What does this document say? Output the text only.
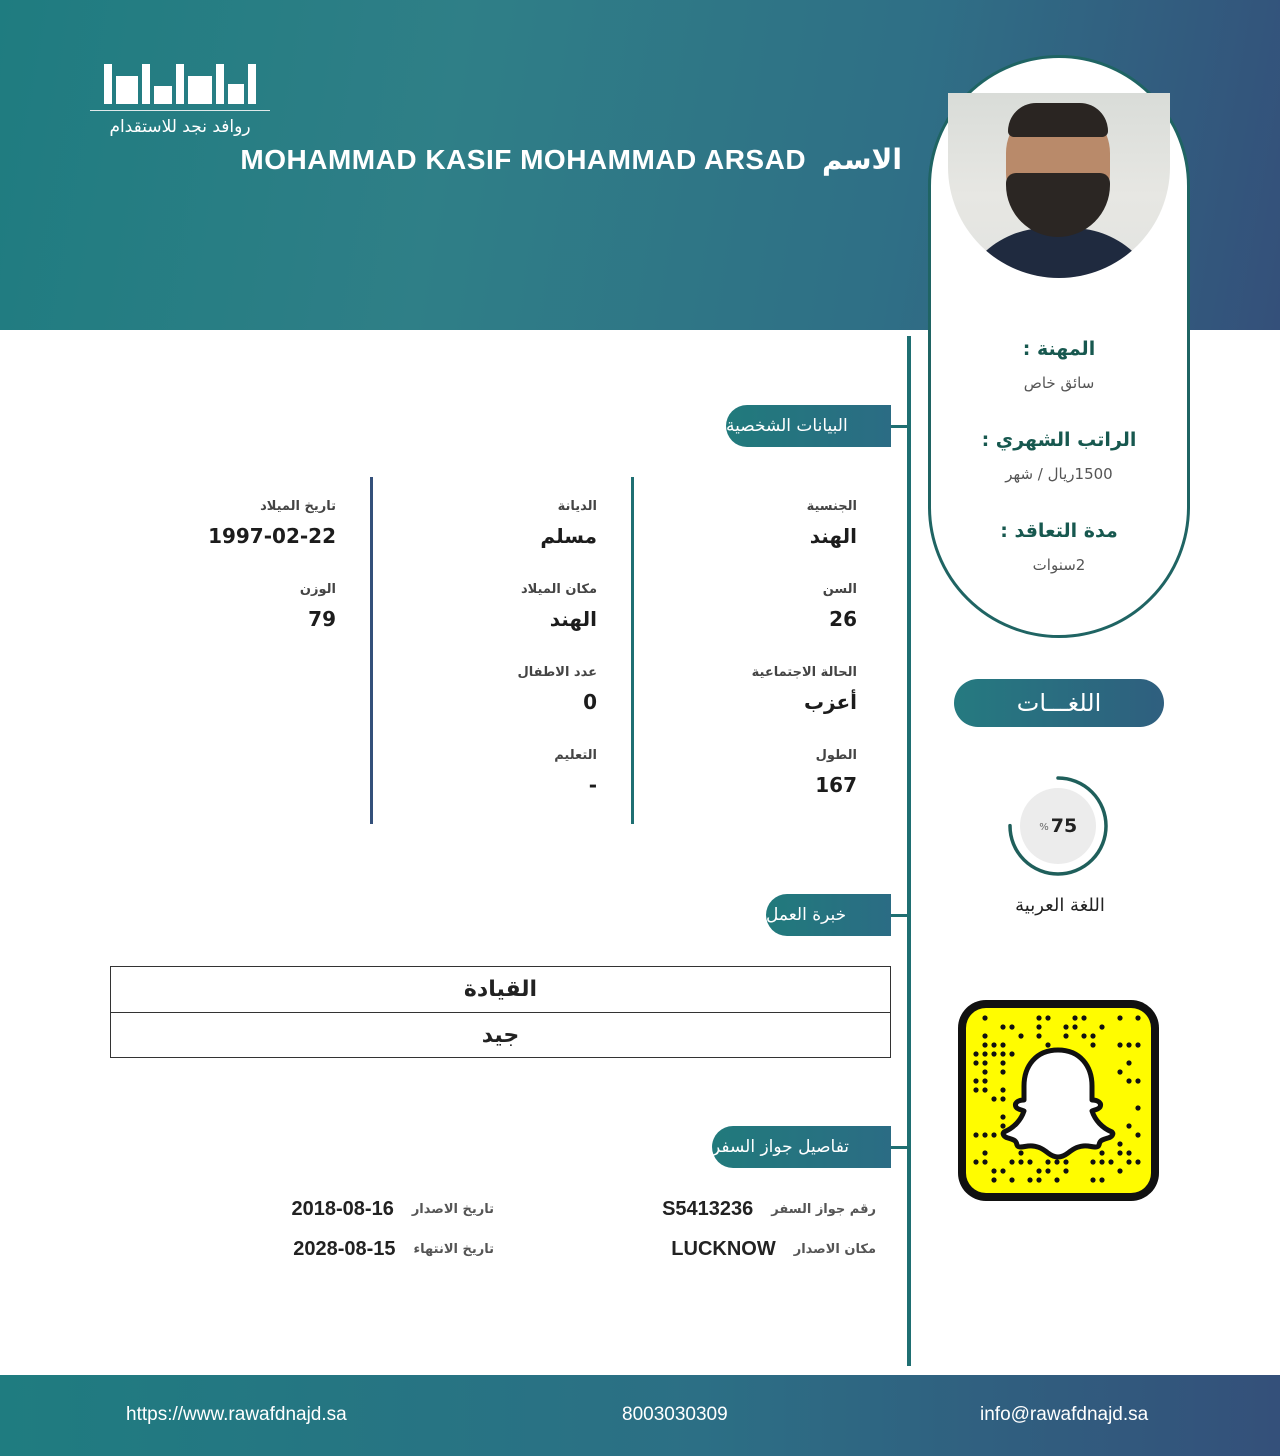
روافد نجد للاستقدام
الاسم
MOHAMMAD KASIF MOHAMMAD ARSAD
المهنة :
سائق خاص
الراتب الشهري :
1500ريال / شهر
مدة التعاقد :
2سنوات
البيانات الشخصية
خبرة العمل
تفاصيل جواز السفر
الجنسية
الهند
السن
26
الحالة الاجتماعية
أعزب
الطول
167
الديانة
مسلم
مكان الميلاد
الهند
عدد الاطفال
0
التعليم
-
تاريخ الميلاد
1997-02-22
الوزن
79
اللغـــات
75
%
اللغة العربية
القيادة
جيد
رقم جواز السفر
S5413236
مكان الاصدار
LUCKNOW
تاريخ الاصدار
2018-08-16
تاريخ الانتهاء
2028-08-15
https://www.rawafdnajd.sa	8003030309	info@rawafdnajd.sa
